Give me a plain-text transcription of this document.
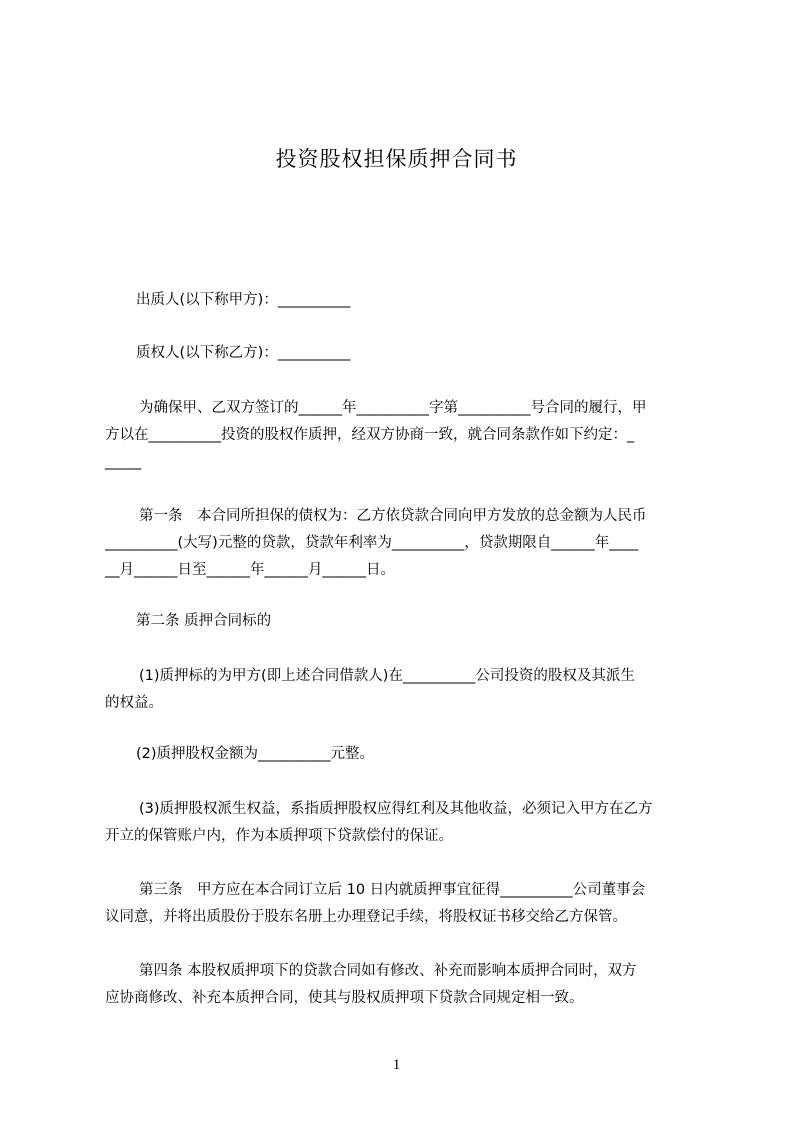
投资股权担保质押合同书
出质人(以下称甲方)：__________
质权人(以下称乙方)：__________
为确保甲、乙双方签订的______年__________字第__________号合同的履行，甲
方以在__________投资的股权作质押，经双方协商一致，就合同条款作如下约定：_
_____
第一条　本合同所担保的债权为：乙方依贷款合同向甲方发放的总金额为人民币
__________(大写)元整的贷款，贷款年利率为__________，贷款期限自______年____
__月______日至______年______月______日。
第二条 质押合同标的
(1)质押标的为甲方(即上述合同借款人)在__________公司投资的股权及其派生
的权益。
(2)质押股权金额为__________元整。
(3)质押股权派生权益，系指质押股权应得红利及其他收益，必须记入甲方在乙方
开立的保管账户内，作为本质押项下贷款偿付的保证。
第三条　甲方应在本合同订立后 10 日内就质押事宜征得__________公司董事会
议同意，并将出质股份于股东名册上办理登记手续，将股权证书移交给乙方保管。
第四条 本股权质押项下的贷款合同如有修改、补充而影响本质押合同时，双方
应协商修改、补充本质押合同，使其与股权质押项下贷款合同规定相一致。
1
